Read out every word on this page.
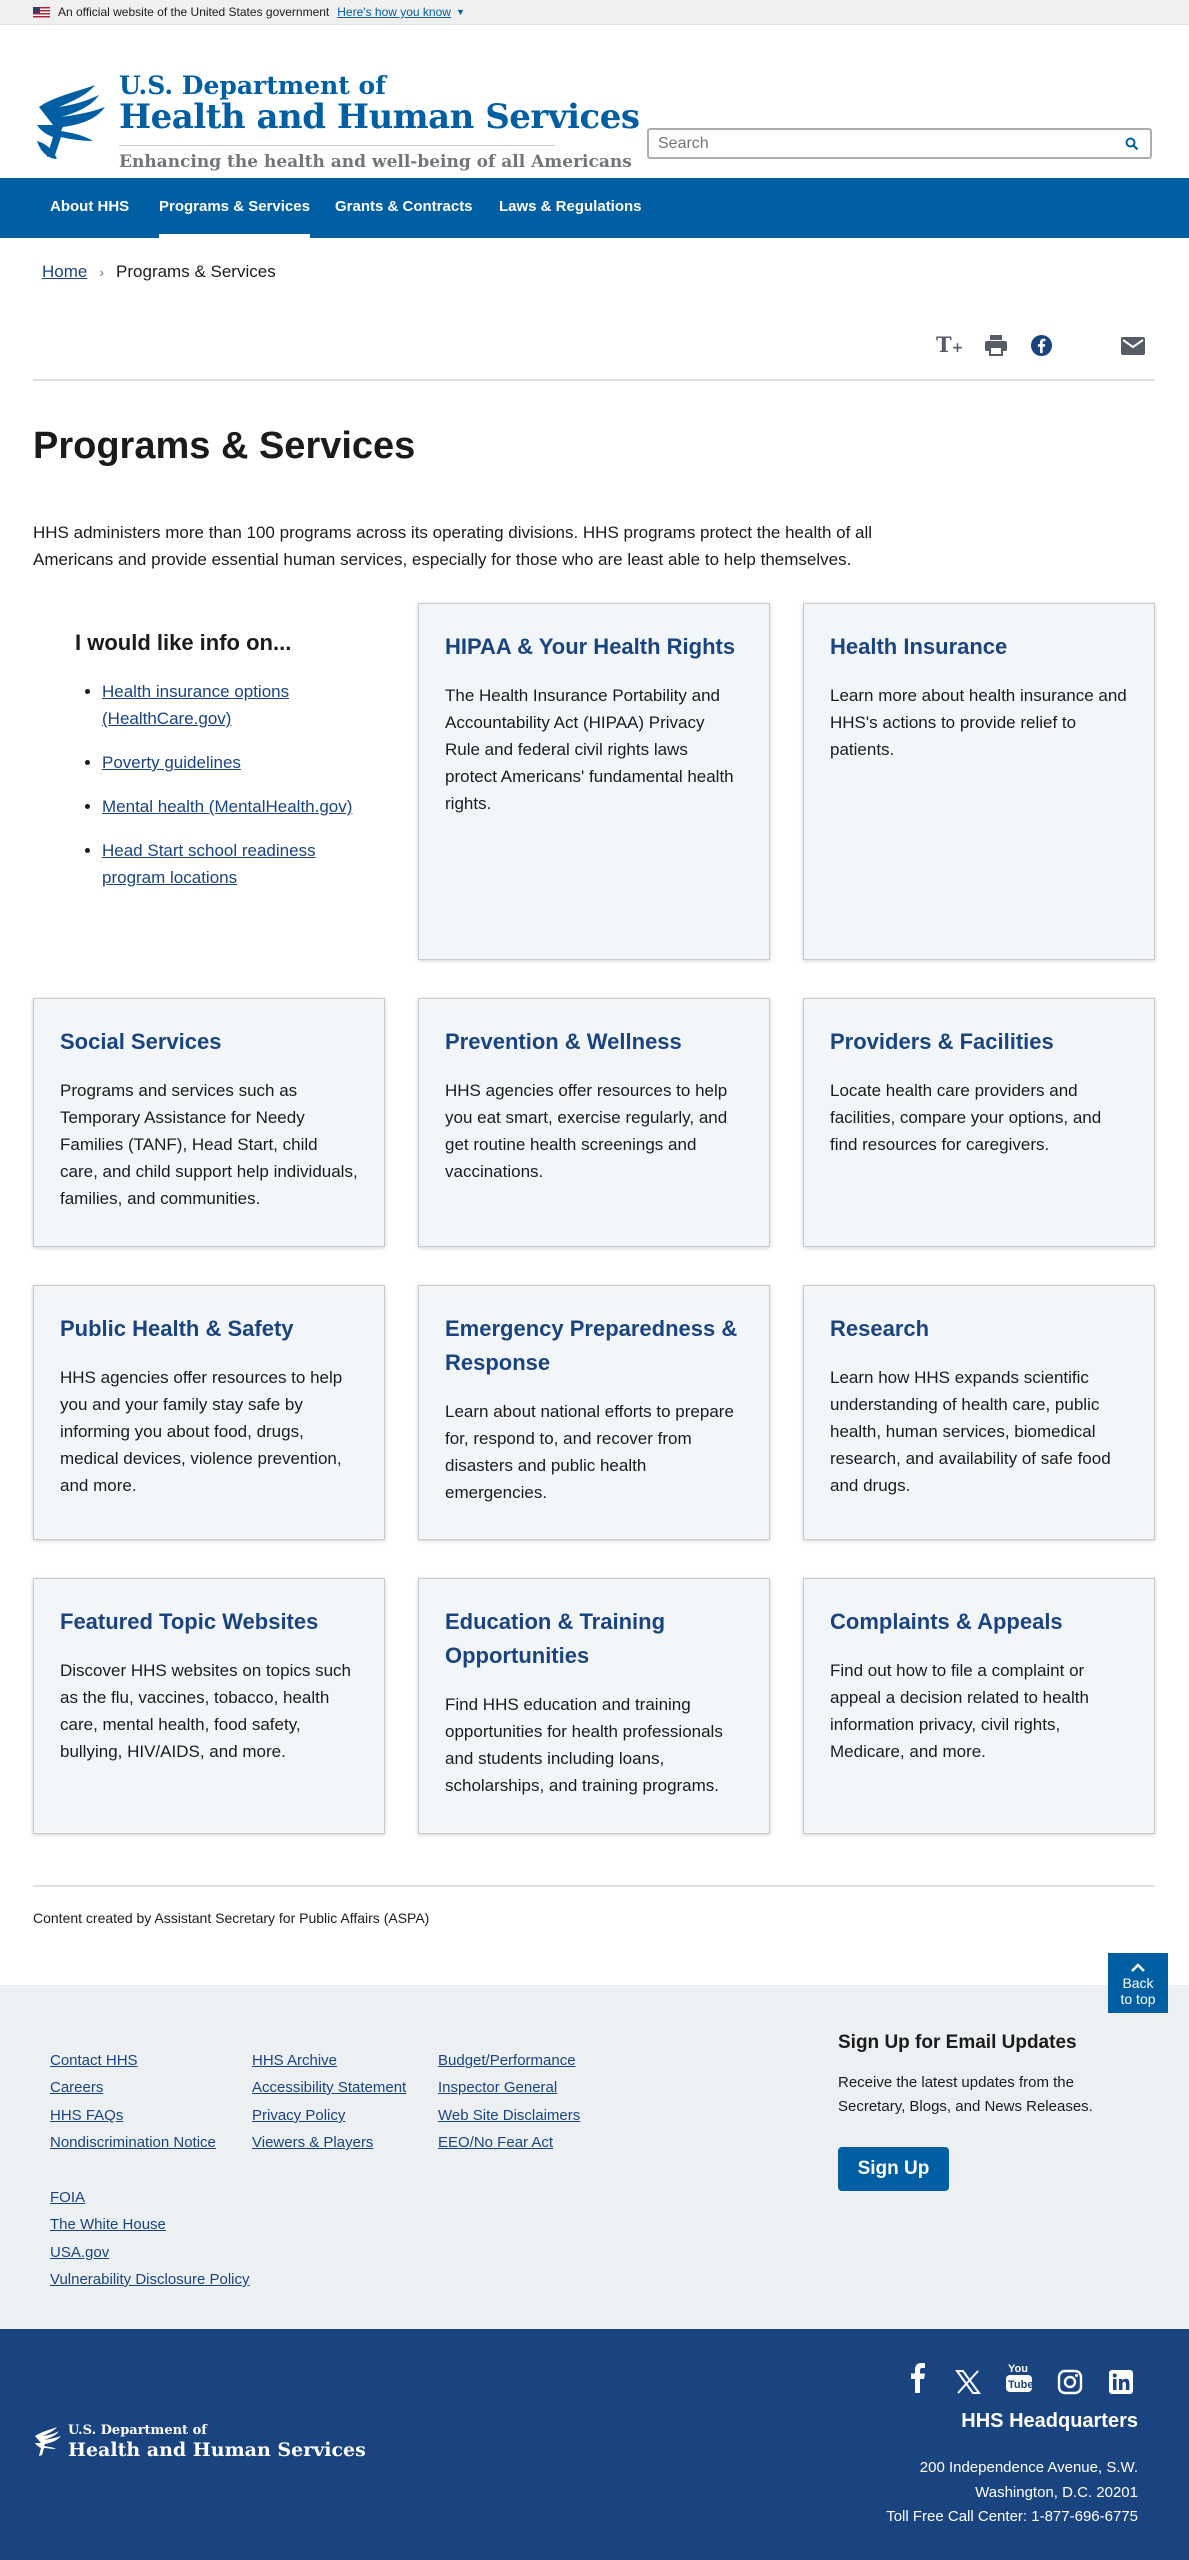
An official website of the United States government Here's how you know ▼
U.S. Department of
Health and Human Services
Enhancing the health and well-being of all Americans
Search
About HHS Programs & Services Grants & Contracts Laws & Regulations
Home › Programs & Services
T+
Programs & Services
HHS administers more than 100 programs across its operating divisions. HHS programs protect the health of all Americans and provide essential human services, especially for those who are least able to help themselves.
I would like info on...
• Health insurance options (HealthCare.gov)
• Poverty guidelines
• Mental health (MentalHealth.gov)
• Head Start school readiness program locations
HIPAA & Your Health Rights

The Health Insurance Portability and Accountability Act (HIPAA) Privacy Rule and federal civil rights laws protect Americans' fundamental health rights.

Health Insurance

Learn more about health insurance and HHS's actions to provide relief to patients.

Social Services

Programs and services such as Temporary Assistance for Needy Families (TANF), Head Start, child care, and child support help individuals, families, and communities.

Prevention & Wellness

HHS agencies offer resources to help you eat smart, exercise regularly, and get routine health screenings and vaccinations.

Providers & Facilities

Locate health care providers and facilities, compare your options, and find resources for caregivers.

Public Health & Safety

HHS agencies offer resources to help you and your family stay safe by informing you about food, drugs, medical devices, violence prevention, and more.

Emergency Preparedness & Response

Learn about national efforts to prepare for, respond to, and recover from disasters and public health emergencies.

Research

Learn how HHS expands scientific understanding of health care, public health, human services, biomedical research, and availability of safe food and drugs.

Featured Topic Websites

Discover HHS websites on topics such as the flu, vaccines, tobacco, health care, mental health, food safety, bullying, HIV/AIDS, and more.

Education & Training Opportunities

Find HHS education and training opportunities for health professionals and students including loans, scholarships, and training programs.

Complaints & Appeals

Find out how to file a complaint or appeal a decision related to health information privacy, civil rights, Medicare, and more.

Content created by Assistant Secretary for Public Affairs (ASPA)
Contact HHS
Careers
HHS FAQs
Nondiscrimination Notice
HHS Archive
Accessibility Statement
Privacy Policy
Viewers & Players
Budget/Performance
Inspector General
Web Site Disclaimers
EEO/No Fear Act
FOIA
The White House
USA.gov
Vulnerability Disclosure Policy
Sign Up for Email Updates
Receive the latest updates from the Secretary, Blogs, and News Releases.
Sign Up
Back
to top
U.S. Department of
Health and Human Services
You
Tube
HHS Headquarters
200 Independence Avenue, S.W.
Washington, D.C. 20201
Toll Free Call Center: 1-877-696-6775
